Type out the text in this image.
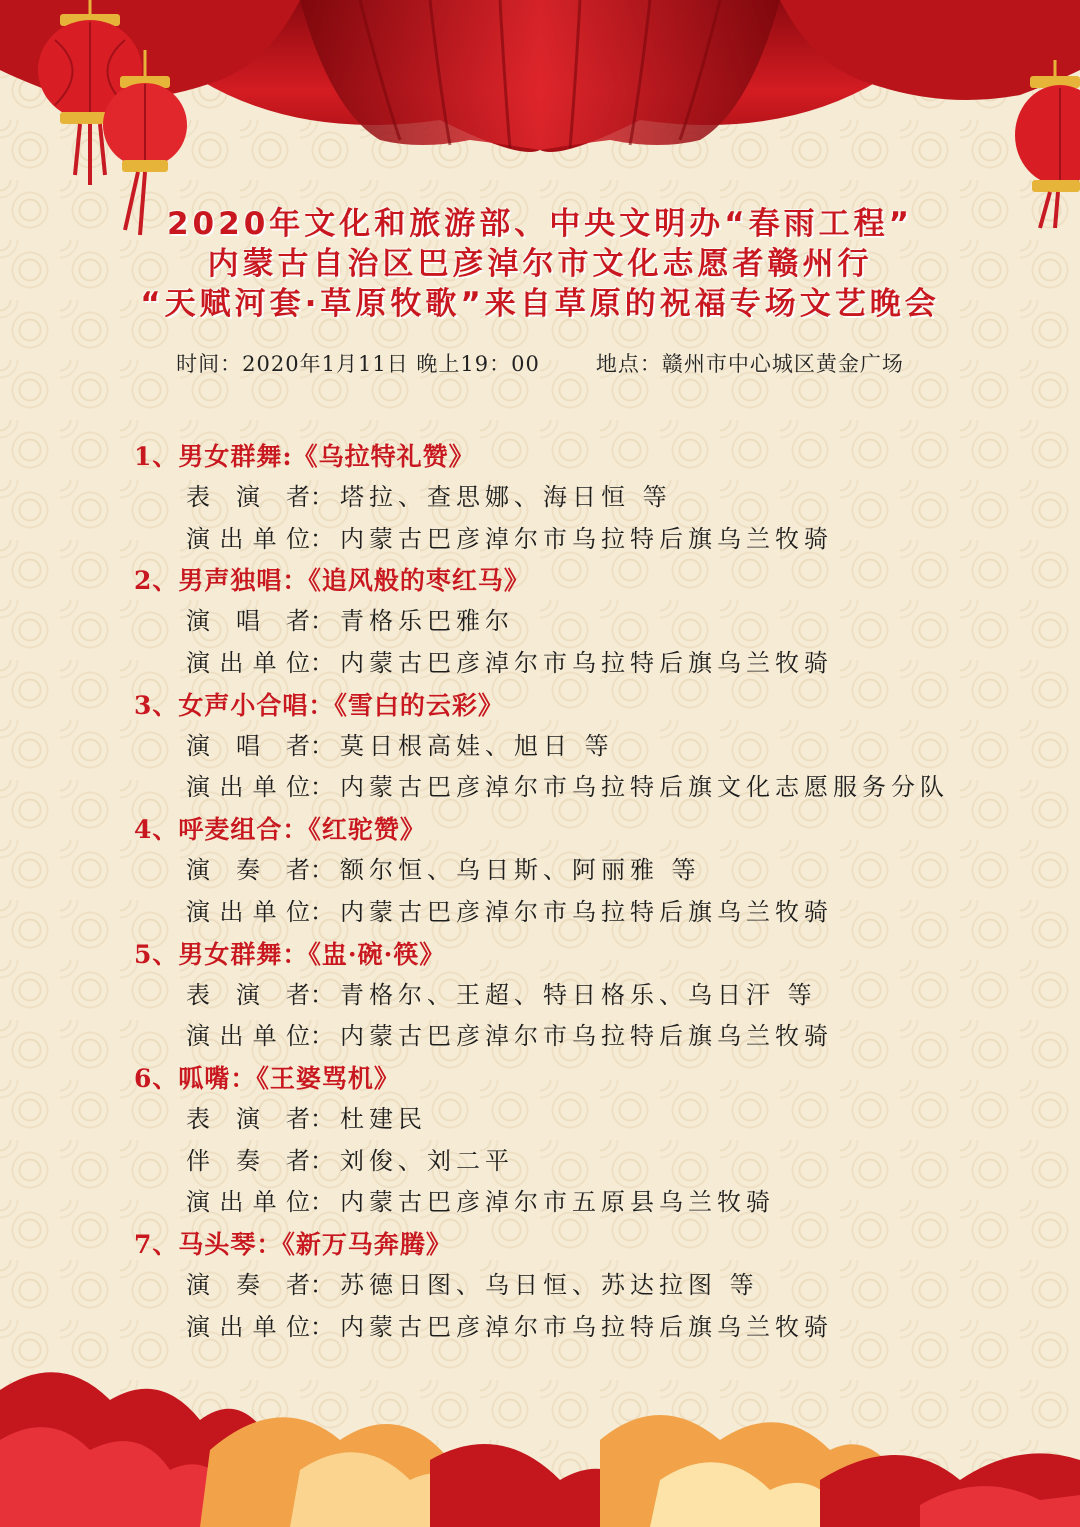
2020年文化和旅游部、中央文明办“春雨工程”
内蒙古自治区巴彦淖尔市文化志愿者赣州行
“天赋河套·草原牧歌”来自草原的祝福专场文艺晚会
时间：2020年1月11日 晚上19：00	地点：赣州市中心城区黄金广场
1、男女群舞:《乌拉特礼赞》
表演者：塔拉、查思娜、海日恒 等
演出单位：内蒙古巴彦淖尔市乌拉特后旗乌兰牧骑
2、男声独唱：《追风般的枣红马》
演唱者：青格乐巴雅尔
演出单位：内蒙古巴彦淖尔市乌拉特后旗乌兰牧骑
3、女声小合唱：《雪白的云彩》
演唱者：莫日根高娃、旭日 等
演出单位：内蒙古巴彦淖尔市乌拉特后旗文化志愿服务分队
4、呼麦组合：《红驼赞》
演奏者：额尔恒、乌日斯、阿丽雅 等
演出单位：内蒙古巴彦淖尔市乌拉特后旗乌兰牧骑
5、男女群舞：《盅·碗·筷》
表演者：青格尔、王超、特日格乐、乌日汗 等
演出单位：内蒙古巴彦淖尔市乌拉特后旗乌兰牧骑
6、呱嘴：《王婆骂机》
表演者：杜建民
伴奏者：刘俊、刘二平
演出单位：内蒙古巴彦淖尔市五原县乌兰牧骑
7、马头琴：《新万马奔腾》
演奏者：苏德日图、乌日恒、苏达拉图 等
演出单位：内蒙古巴彦淖尔市乌拉特后旗乌兰牧骑
